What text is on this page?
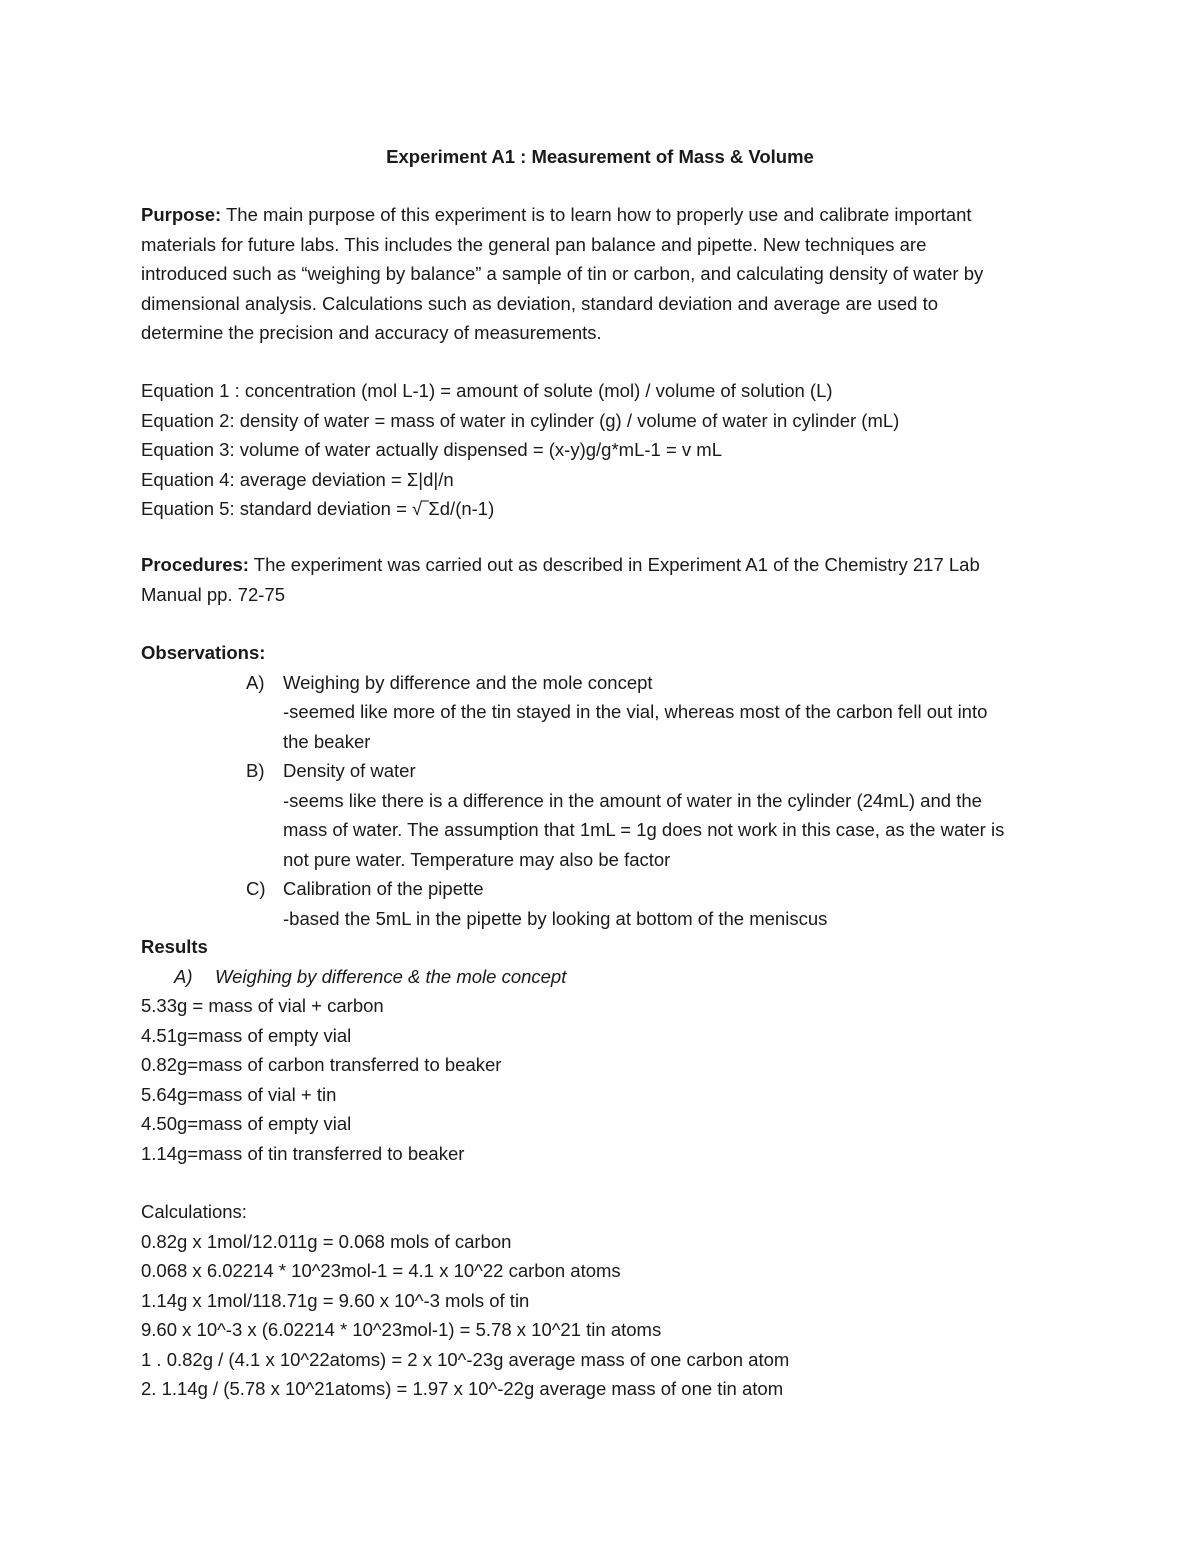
Experiment A1 : Measurement of Mass & Volume
Purpose: The main purpose of this experiment is to learn how to properly use and calibrate important
materials for future labs. This includes the general pan balance and pipette. New techniques are
introduced such as “weighing by balance” a sample of tin or carbon, and calculating density of water by
dimensional analysis. Calculations such as deviation, standard deviation and average are used to
determine the precision and accuracy of measurements.
Equation 1 : concentration (mol L-1) = amount of solute (mol) / volume of solution (L)
Equation 2: density of water = mass of water in cylinder (g) / volume of water in cylinder (mL)
Equation 3: volume of water actually dispensed = (x-y)g/g*mL-1 = v mL
Equation 4: average deviation = Σ|d|/n
Equation 5: standard deviation = √‾Σd/(n-1)
Procedures: The experiment was carried out as described in Experiment A1 of the Chemistry 217 Lab
Manual pp. 72-75
Observations:
A) Weighing by difference and the mole concept
-seemed like more of the tin stayed in the vial, whereas most of the carbon fell out into
the beaker
B) Density of water
-seems like there is a difference in the amount of water in the cylinder (24mL) and the
mass of water. The assumption that 1mL = 1g does not work in this case, as the water is
not pure water. Temperature may also be factor
C) Calibration of the pipette
-based the 5mL in the pipette by looking at bottom of the meniscus
Results
A) Weighing by difference & the mole concept
5.33g = mass of vial + carbon
4.51g=mass of empty vial
0.82g=mass of carbon transferred to beaker
5.64g=mass of vial + tin
4.50g=mass of empty vial
1.14g=mass of tin transferred to beaker
Calculations:
0.82g x 1mol/12.011g = 0.068 mols of carbon
0.068 x 6.02214 * 10^23mol-1 = 4.1 x 10^22 carbon atoms
1.14g x 1mol/118.71g = 9.60 x 10^-3 mols of tin
9.60 x 10^-3 x (6.02214 * 10^23mol-1) = 5.78 x 10^21 tin atoms
1 . 0.82g / (4.1 x 10^22atoms) = 2 x 10^-23g average mass of one carbon atom
2. 1.14g / (5.78 x 10^21atoms) = 1.97 x 10^-22g average mass of one tin atom
